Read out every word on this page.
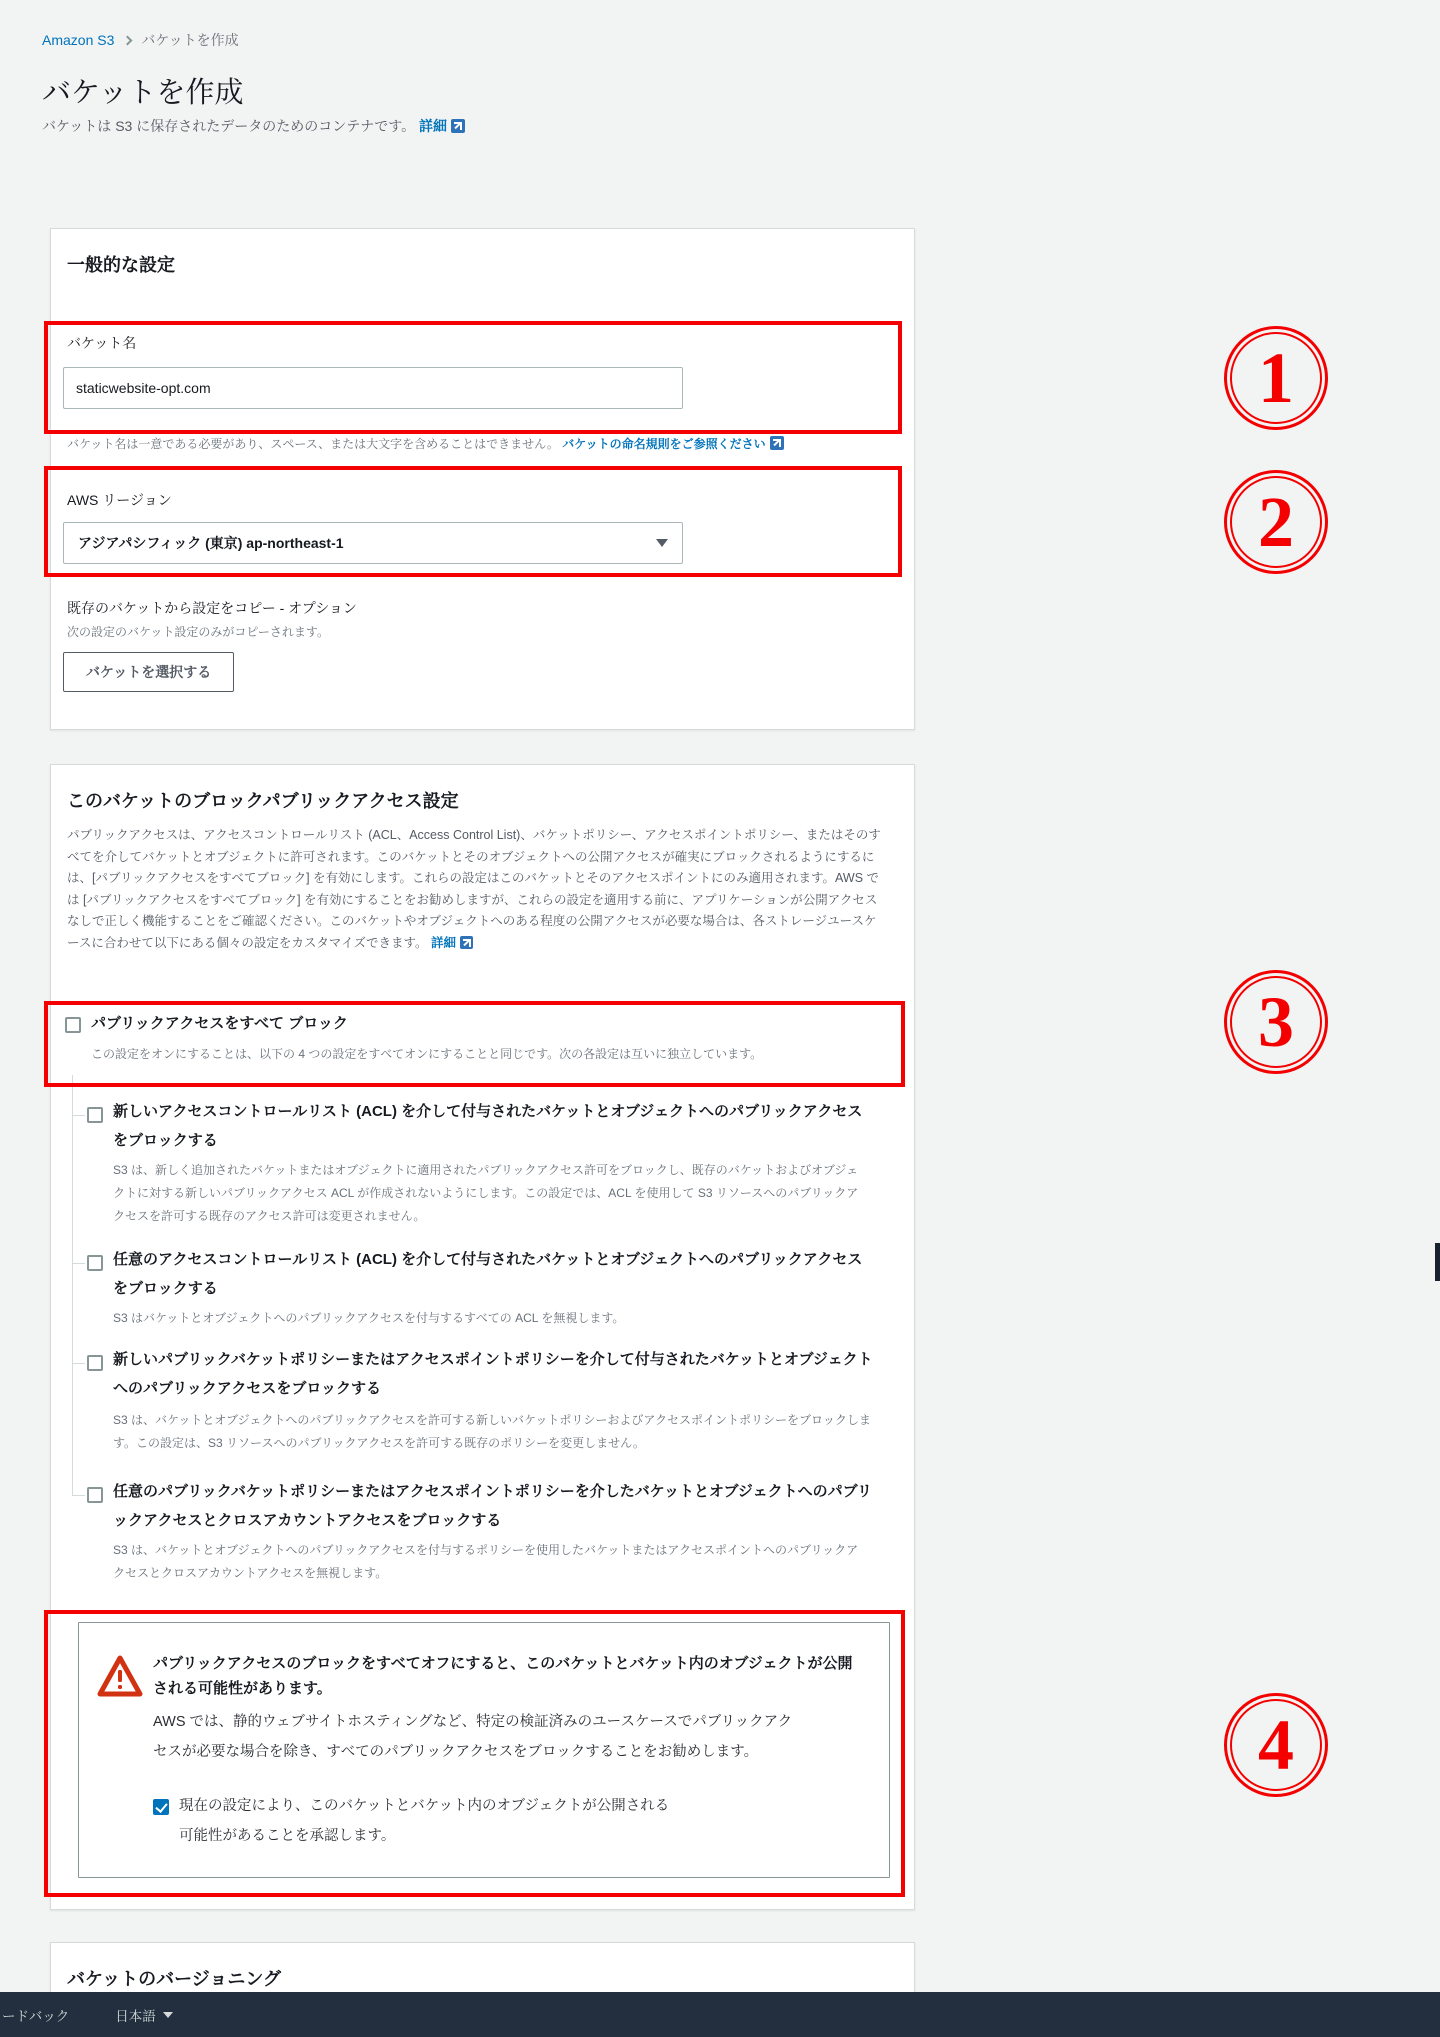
Amazon S3 バケットを作成
バケットを作成
バケットは S3 に保存されたデータのためのコンテナです。 詳細
一般的な設定
バケット名
staticwebsite-opt.com
バケット名は一意である必要があり、スペース、または大文字を含めることはできません。 バケットの命名規則をご参照ください
AWS リージョン
アジアパシフィック (東京) ap-northeast-1
既存のバケットから設定をコピー - オプション
次の設定のバケット設定のみがコピーされます。
バケットを選択する
このバケットのブロックパブリックアクセス設定
パブリックアクセスは、アクセスコントロールリスト (ACL、Access Control List)、バケットポリシー、アクセスポイントポリシー、またはそのすべてを介してバケットとオブジェクトに許可されます。このバケットとそのオブジェクトへの公開アクセスが確実にブロックされるようにするには、[パブリックアクセスをすべてブロック] を有効にします。これらの設定はこのバケットとそのアクセスポイントにのみ適用されます。AWS では [パブリックアクセスをすべてブロック] を有効にすることをお勧めしますが、これらの設定を適用する前に、アプリケーションが公開アクセスなしで正しく機能することをご確認ください。このバケットやオブジェクトへのある程度の公開アクセスが必要な場合は、各ストレージユースケースに合わせて以下にある個々の設定をカスタマイズできます。 詳細
パブリックアクセスをすべて ブロック
この設定をオンにすることは、以下の 4 つの設定をすべてオンにすることと同じです。次の各設定は互いに独立しています。
新しいアクセスコントロールリスト (ACL) を介して付与されたバケットとオブジェクトへのパブリックアクセスをブロックする
S3 は、新しく追加されたバケットまたはオブジェクトに適用されたパブリックアクセス許可をブロックし、既存のバケットおよびオブジェクトに対する新しいパブリックアクセス ACL が作成されないようにします。この設定では、ACL を使用して S3 リソースへのパブリックアクセスを許可する既存のアクセス許可は変更されません。
任意のアクセスコントロールリスト (ACL) を介して付与されたバケットとオブジェクトへのパブリックアクセスをブロックする
S3 はバケットとオブジェクトへのパブリックアクセスを付与するすべての ACL を無視します。
新しいパブリックバケットポリシーまたはアクセスポイントポリシーを介して付与されたバケットとオブジェクトへのパブリックアクセスをブロックする
S3 は、バケットとオブジェクトへのパブリックアクセスを許可する新しいバケットポリシーおよびアクセスポイントポリシーをブロックします。この設定は、S3 リソースへのパブリックアクセスを許可する既存のポリシーを変更しません。
任意のパブリックバケットポリシーまたはアクセスポイントポリシーを介したバケットとオブジェクトへのパブリックアクセスとクロスアカウントアクセスをブロックする
S3 は、バケットとオブジェクトへのパブリックアクセスを付与するポリシーを使用したバケットまたはアクセスポイントへのパブリックアクセスとクロスアカウントアクセスを無視します。
パブリックアクセスのブロックをすべてオフにすると、このバケットとバケット内のオブジェクトが公開される可能性があります。
AWS では、静的ウェブサイトホスティングなど、特定の検証済みのユースケースでパブリックアクセスが必要な場合を除き、すべてのパブリックアクセスをブロックすることをお勧めします。
現在の設定により、このバケットとバケット内のオブジェクトが公開される可能性があることを承認します。
バケットのバージョニング
1
2
3
4
ードバック	日本語
